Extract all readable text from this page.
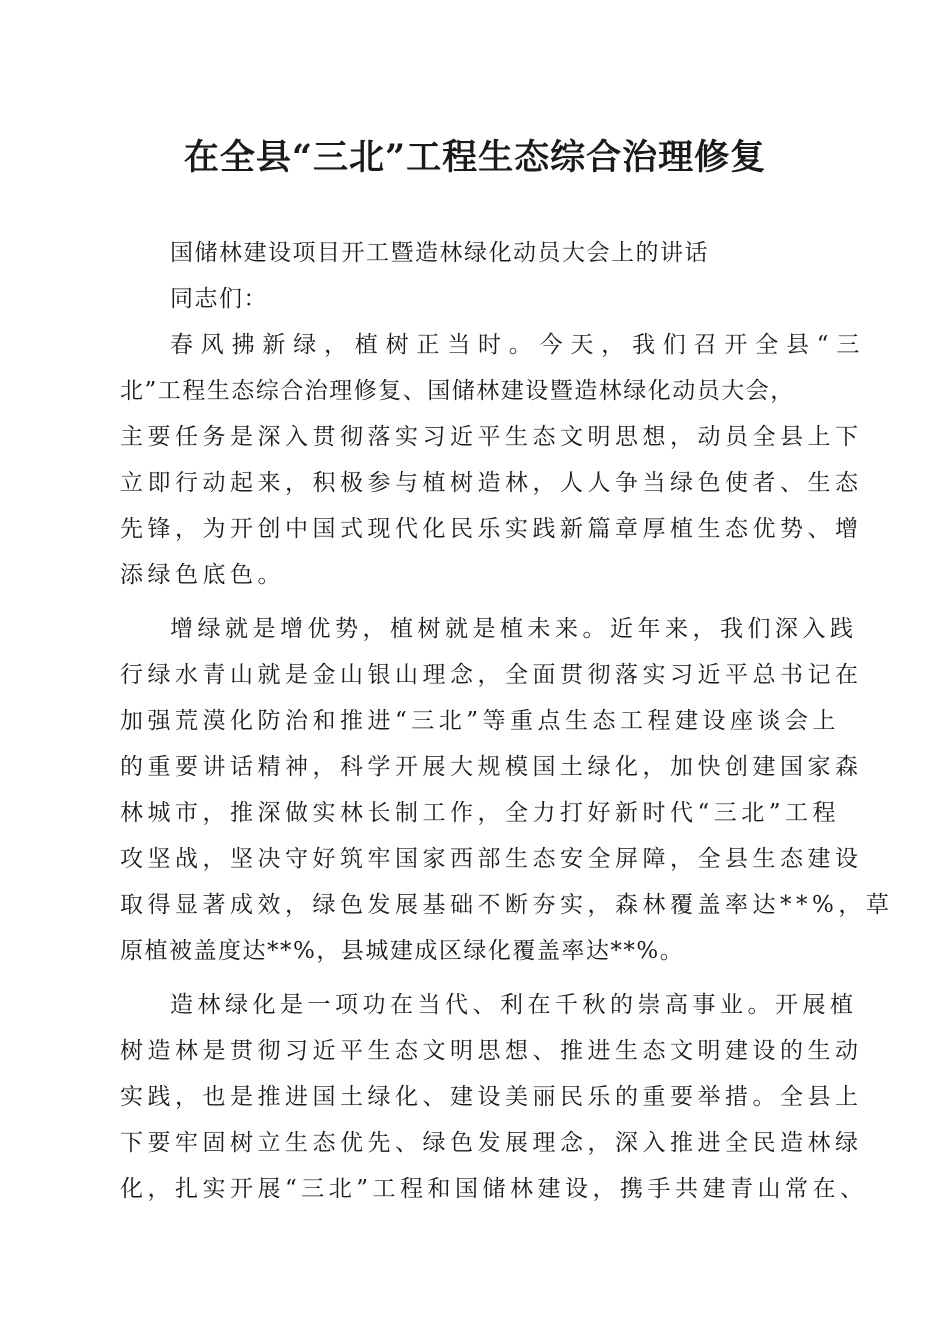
在全县“三北”工程生态综合治理修复
国储林建设项目开工暨造林绿化动员大会上的讲话
同志们：
春风拂新绿，植树正当时。今天，我们召开全县“三
北”工程生态综合治理修复、国储林建设暨造林绿化动员大会，
主要任务是深入贯彻落实习近平生态文明思想，动员全县上下
立即行动起来，积极参与植树造林，人人争当绿色使者、生态
先锋，为开创中国式现代化民乐实践新篇章厚植生态优势、增
添绿色底色。
增绿就是增优势，植树就是植未来。近年来，我们深入践
行绿水青山就是金山银山理念，全面贯彻落实习近平总书记在
加强荒漠化防治和推进“三北”等重点生态工程建设座谈会上
的重要讲话精神，科学开展大规模国土绿化，加快创建国家森
林城市，推深做实林长制工作，全力打好新时代“三北”工程
攻坚战，坚决守好筑牢国家西部生态安全屏障，全县生态建设
取得显著成效，绿色发展基础不断夯实，森林覆盖率达**%，草
原植被盖度达**%，县城建成区绿化覆盖率达**%。
造林绿化是一项功在当代、利在千秋的崇高事业。开展植
树造林是贯彻习近平生态文明思想、推进生态文明建设的生动
实践，也是推进国土绿化、建设美丽民乐的重要举措。全县上
下要牢固树立生态优先、绿色发展理念，深入推进全民造林绿
化，扎实开展“三北”工程和国储林建设，携手共建青山常在、
